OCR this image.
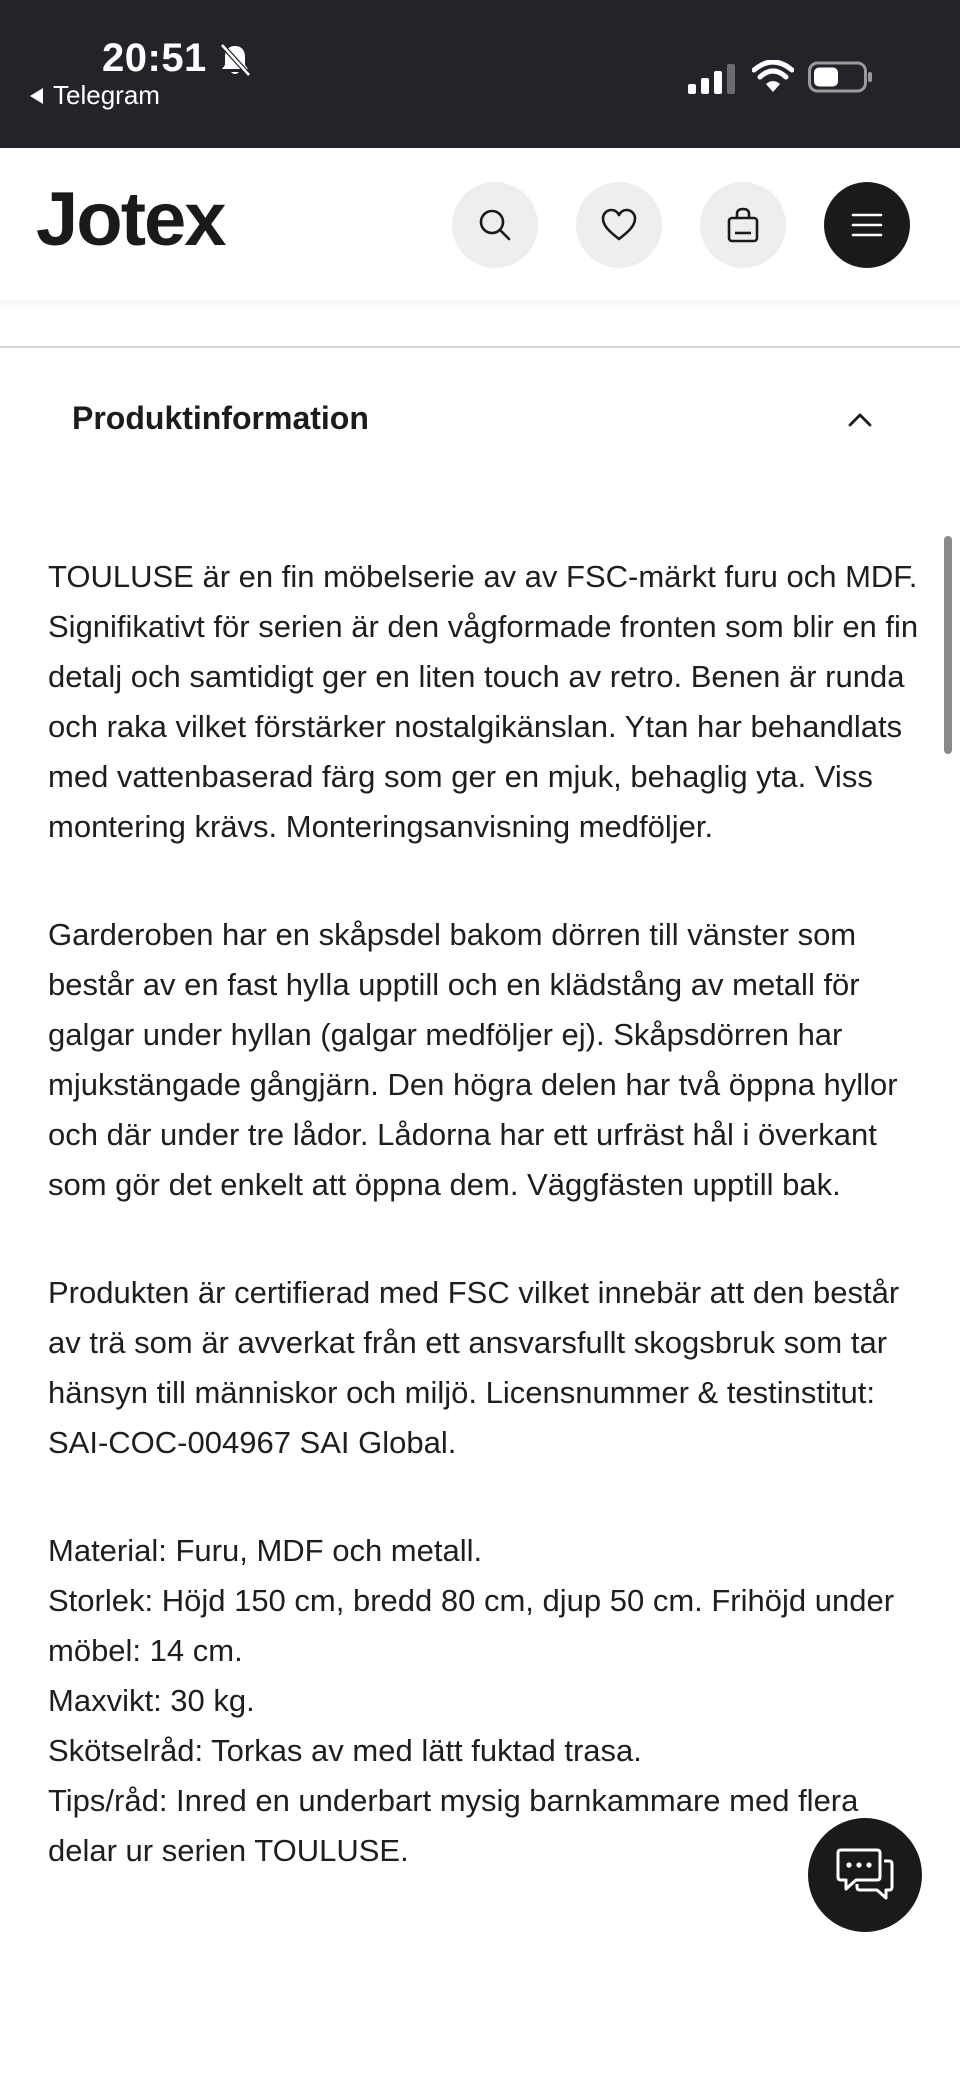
20:51
Telegram
Jotex
Produktinformation

TOULUSE är en fin möbelserie av av FSC-märkt furu och MDF. Signifikativt för serien är den vågformade fronten som blir en fin detalj och samtidigt ger en liten touch av retro. Benen är runda och raka vilket förstärker nostalgikänslan. Ytan har behandlats med vattenbaserad färg som ger en mjuk, behaglig yta. Viss montering krävs. Monteringsanvisning medföljer.

Garderoben har en skåpsdel bakom dörren till vänster som består av en fast hylla upptill och en klädstång av metall för galgar under hyllan (galgar medföljer ej). Skåpsdörren har mjukstängade gångjärn. Den högra delen har två öppna hyllor och där under tre lådor. Lådorna har ett urfräst hål i överkant som gör det enkelt att öppna dem. Väggfästen upptill bak.

Produkten är certifierad med FSC vilket innebär att den består av trä som är avverkat från ett ansvarsfullt skogsbruk som tar hänsyn till människor och miljö. Licensnummer & testinstitut: SAI-COC-004967 SAI Global.

Material: Furu, MDF och metall.
Storlek: Höjd 150 cm, bredd 80 cm, djup 50 cm. Frihöjd under möbel: 14 cm.
Maxvikt: 30 kg.
Skötselråd: Torkas av med lätt fuktad trasa.
Tips/råd: Inred en underbart mysig barnkammare med flera delar ur serien TOULUSE.
